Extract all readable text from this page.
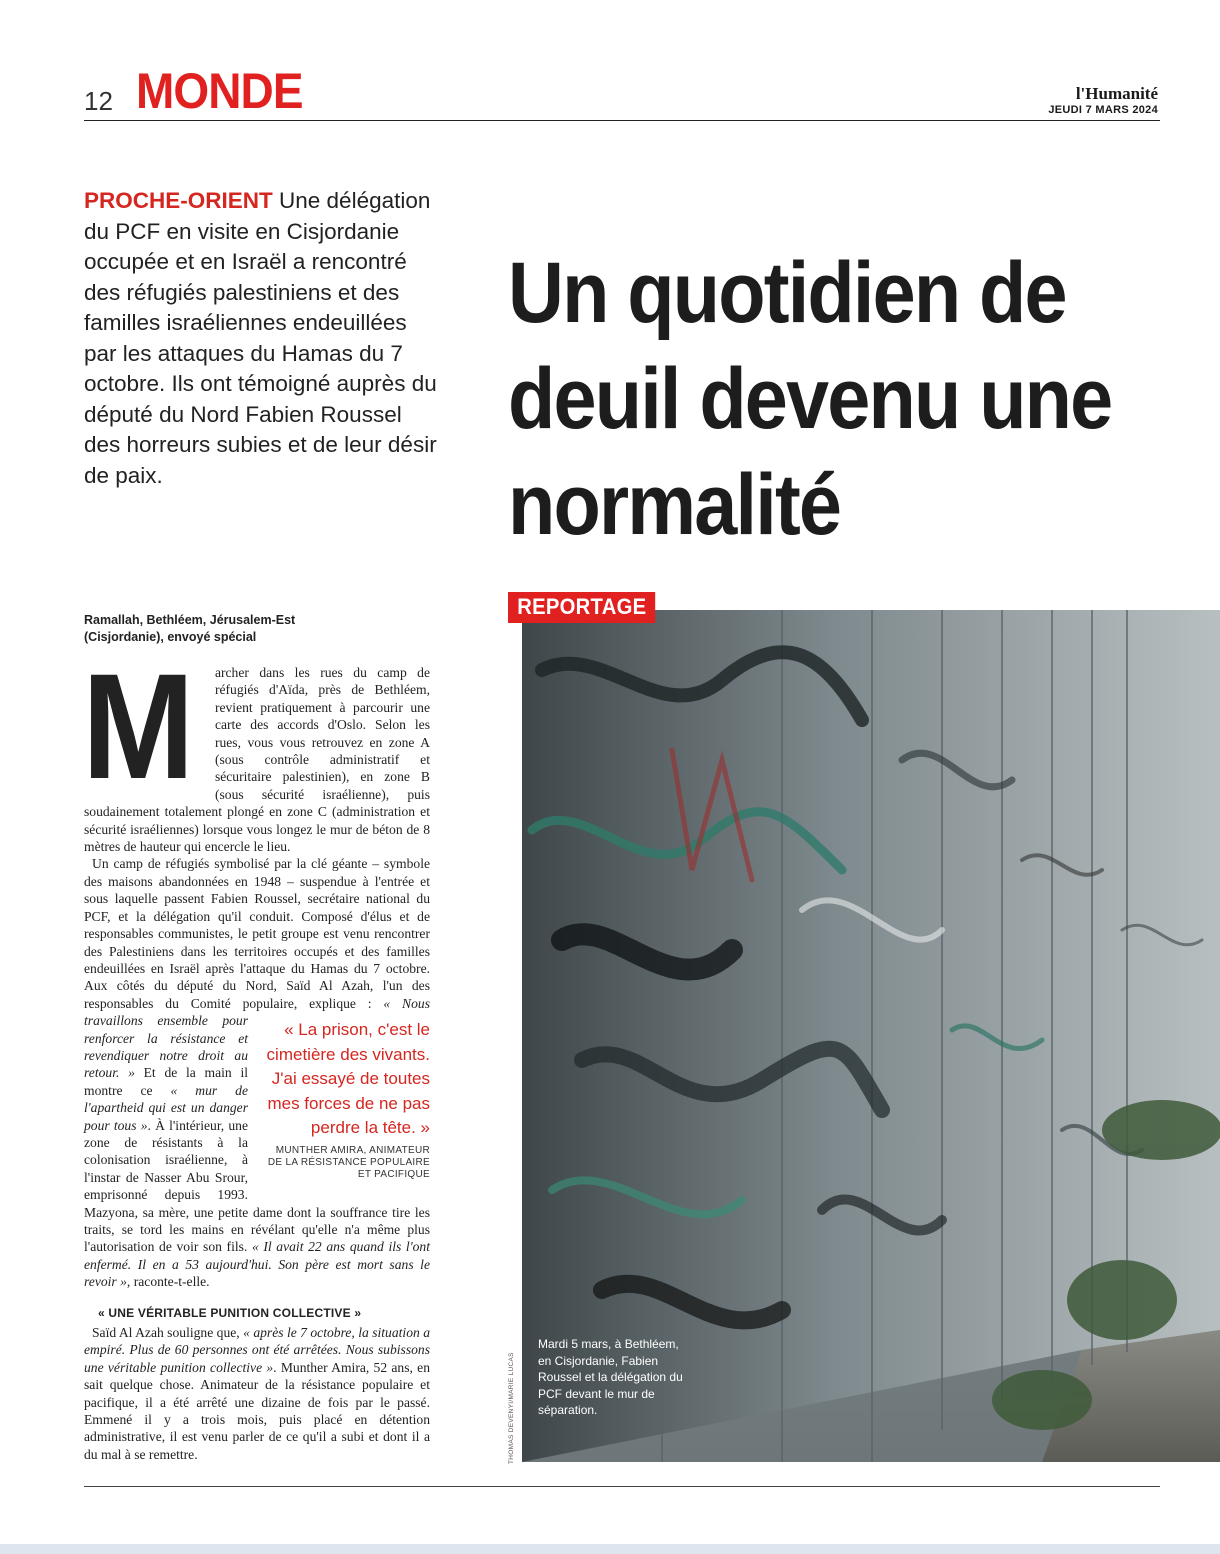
12 MONDE	l'Humanité
JEUDI 7 MARS 2024
PROCHE-ORIENT Une délégation du PCF en visite en Cisjordanie occupée et en Israël a rencontré des réfugiés palestiniens et des familles israéliennes endeuillées par les attaques du Hamas du 7 octobre. Ils ont témoigné auprès du député du Nord Fabien Roussel des horreurs subies et de leur désir de paix.
Un quotidien de deuil devenu une normalité
Ramallah, Bethléem, Jérusalem-Est
(Cisjordanie), envoyé spécial

M archer dans les rues du camp de réfugiés d'Aïda, près de Bethléem, revient pratiquement à parcourir une carte des accords d'Oslo. Selon les rues, vous vous retrouvez en zone A (sous contrôle administratif et sécuritaire palestinien), en zone B (sous sécurité israélienne), puis soudainement totalement plongé en zone C (administration et sécurité israéliennes) lorsque vous longez le mur de béton de 8 mètres de hauteur qui encercle le lieu.

Un camp de réfugiés symbolisé par la clé géante – symbole des maisons abandonnées en 1948 – suspendue à l'entrée et sous laquelle passent Fabien Roussel, secrétaire national du PCF, et la délégation qu'il conduit. Composé d'élus et de responsables communistes, le petit groupe est venu rencontrer des Palestiniens dans les territoires occupés et des familles endeuillées en Israël après l'attaque du Hamas du 7 octobre. Aux côtés du député du Nord, Saïd Al Azah, l'un des responsables du Comité populaire, explique :
« La prison, c'est le cimetière des vivants. J'ai essayé de toutes mes forces de ne pas perdre la tête. »
MUNTHER AMIRA, ANIMATEUR DE LA RÉSISTANCE POPULAIRE ET PACIFIQUE
« Nous travaillons ensemble pour renforcer la résistance et revendiquer notre droit au retour. » Et de la main il montre ce « mur de l'apartheid qui est un danger pour tous ». À l'intérieur, une zone de résistants à la colonisation israélienne, à l'instar de Nasser Abu Srour, emprisonné depuis 1993. Mazyona, sa mère, une petite dame dont la souffrance tire les traits, se tord les mains en révélant qu'elle n'a même plus l'autorisation de voir son fils. « Il avait 22 ans quand ils l'ont enfermé. Il en a 53 aujourd'hui. Son père est mort sans le revoir », raconte-t-elle.

« UNE VÉRITABLE PUNITION COLLECTIVE »

Saïd Al Azah souligne que, « après le 7 octobre, la situation a empiré. Plus de 60 personnes ont été arrêtées. Nous subissons une véritable punition collective ». Munther Amira, 52 ans, en sait quelque chose. Animateur de la résistance populaire et pacifique, il a été arrêté une dizaine de fois par le passé. Emmené il y a trois mois, puis placé en détention administrative, il est venu parler de ce qu'il a subi et dont il a du mal à se remettre.

REPORTAGE
Mardi 5 mars, à Bethléem, en Cisjordanie, Fabien Roussel et la délégation du PCF devant le mur de séparation.
THOMAS DEVENYI/MARIE LUCAS
